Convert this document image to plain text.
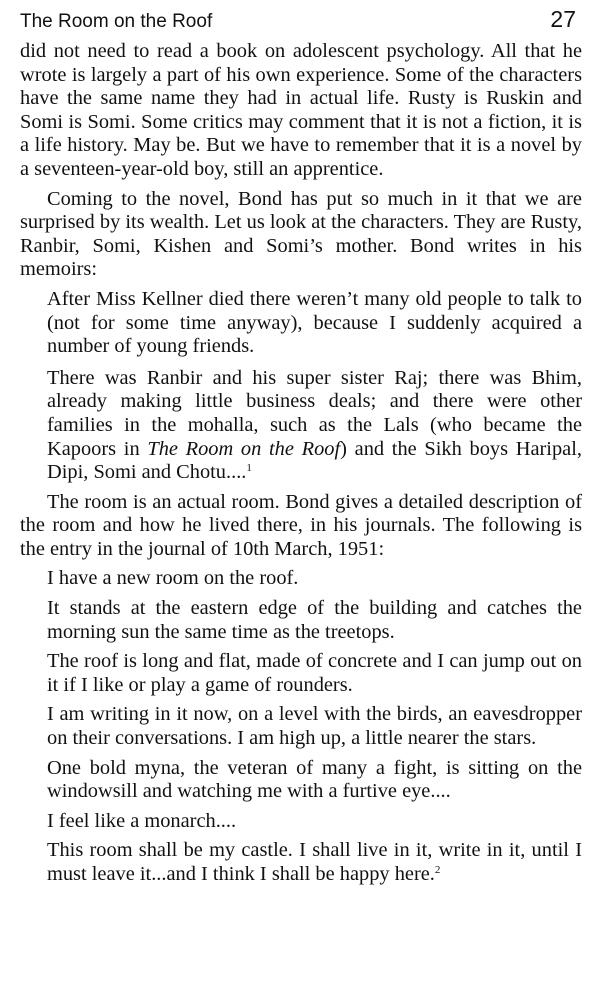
The Room on the Roof	27

did not need to read a book on adolescent psychology. All that he wrote is largely a part of his own experience. Some of the characters have the same name they had in actual life. Rusty is Ruskin and Somi is Somi. Some critics may comment that it is not a fiction, it is a life history. May be. But we have to remember that it is a novel by a seventeen-year-old boy, still an apprentice.

Coming to the novel, Bond has put so much in it that we are surprised by its wealth. Let us look at the characters. They are Rusty, Ranbir, Somi, Kishen and Somi’s mother. Bond writes in his memoirs:

After Miss Kellner died there weren’t many old people to talk to (not for some time anyway), because I suddenly acquired a number of young friends.

There was Ranbir and his super sister Raj; there was Bhim, already making little business deals; and there were other families in the mohalla, such as the Lals (who became the Kapoors in The Room on the Roof) and the Sikh boys Haripal, Dipi, Somi and Chotu....$^1$

The room is an actual room. Bond gives a detailed description of the room and how he lived there, in his journals. The following is the entry in the journal of 10th March, 1951:

I have a new room on the roof.

It stands at the eastern edge of the building and catches the morning sun the same time as the treetops.

The roof is long and flat, made of concrete and I can jump out on it if I like or play a game of rounders.

I am writing in it now, on a level with the birds, an eavesdropper on their conversations. I am high up, a little nearer the stars.

One bold myna, the veteran of many a fight, is sitting on the windowsill and watching me with a furtive eye....

I feel like a monarch....

This room shall be my castle. I shall live in it, write in it, until I must leave it...and I think I shall be happy here.$^2$
